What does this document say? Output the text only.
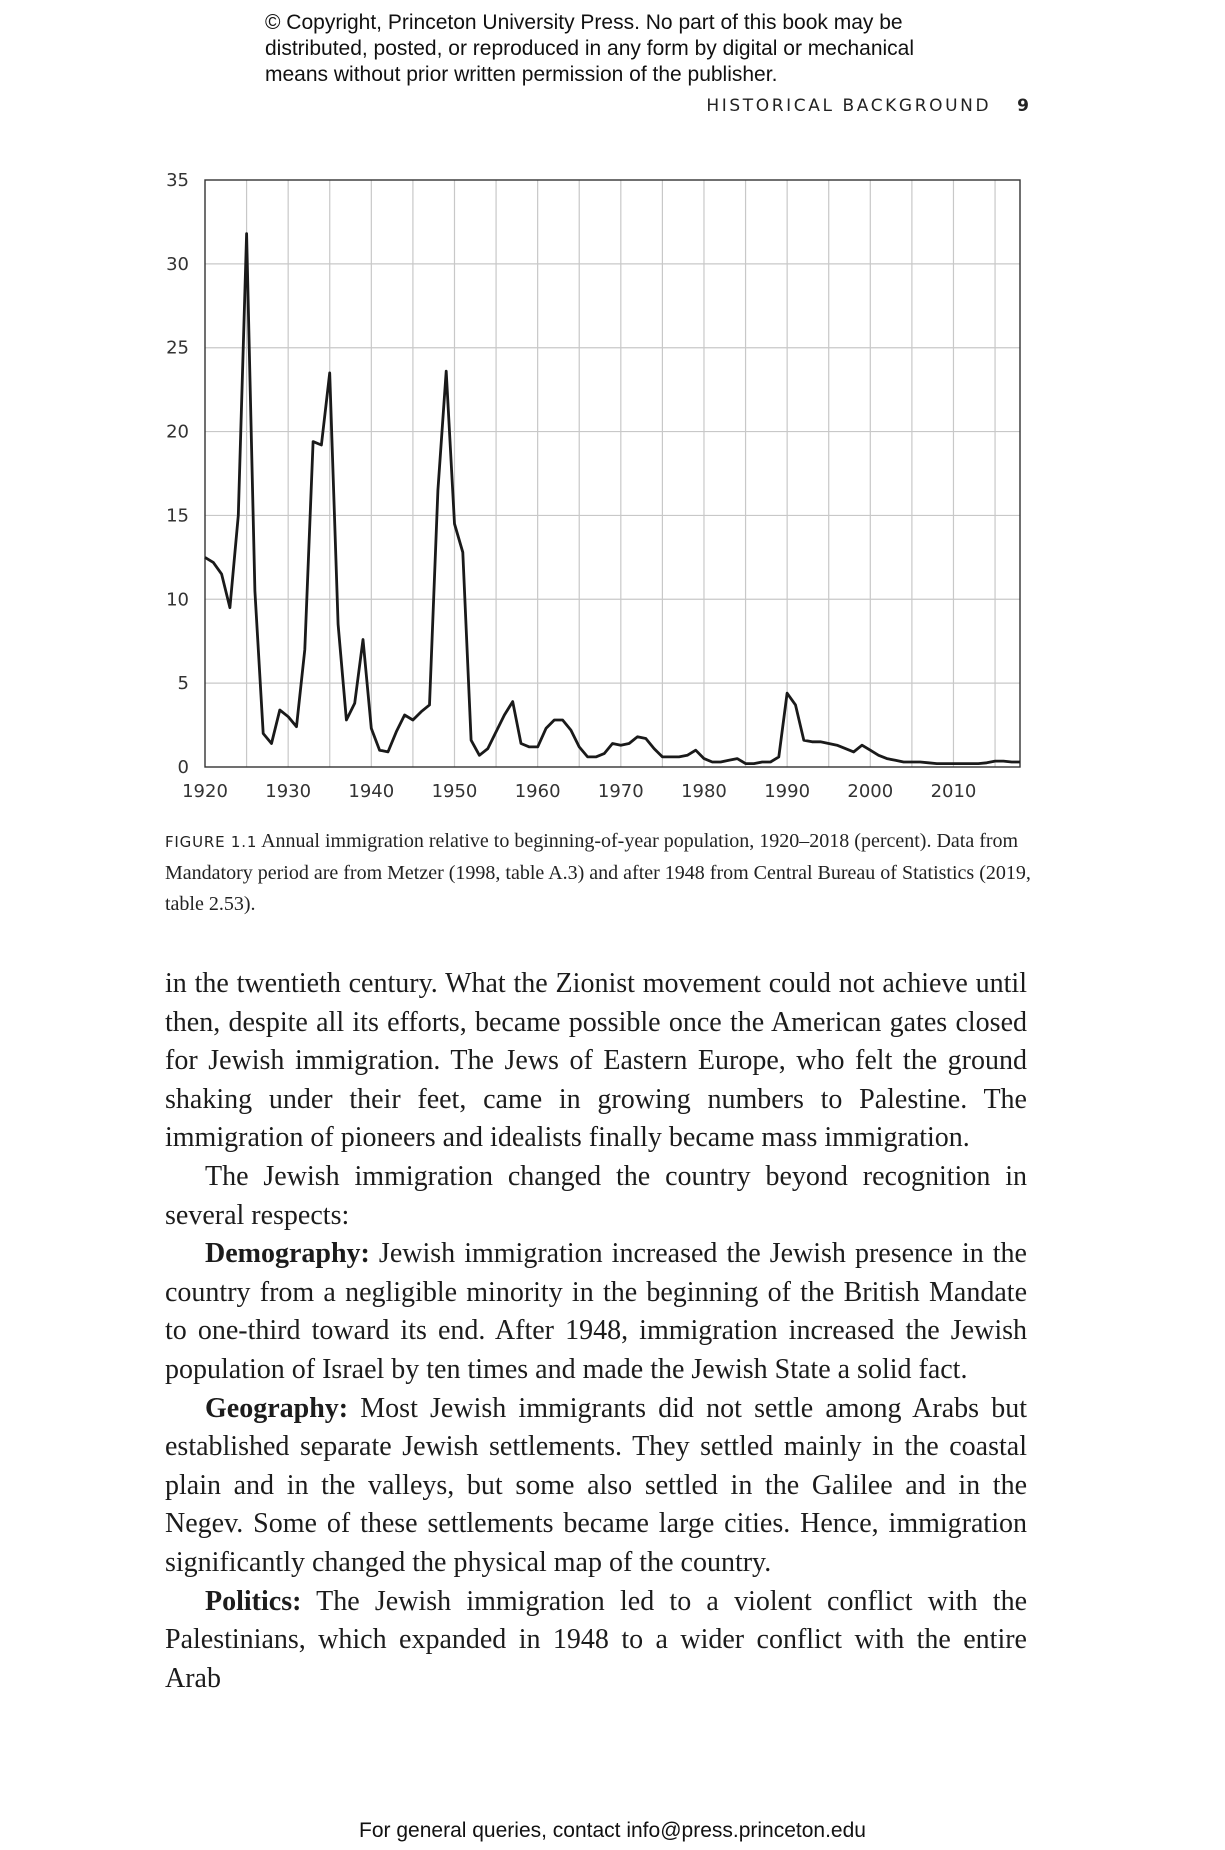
© Copyright, Princeton University Press. No part of this book may be
distributed, posted, or reproduced in any form by digital or mechanical
means without prior written permission of the publisher.
HISTORICAL BACKGROUND 9
0
5
10
15
20
25
30
35
1920 1930 1940 1950 1960 1970 1980 1990 2000 2010
FIGURE 1.1 Annual immigration relative to beginning-of-year population, 1920–2018 (percent). Data from Mandatory period are from Metzer (1998, table A.3) and after 1948 from Central Bureau of Statistics (2019, table 2.53).

in the twentieth century. What the Zionist movement could not achieve until then, despite all its efforts, became possible once the American gates closed for Jewish immigration. The Jews of Eastern Europe, who felt the ground shaking under their feet, came in growing numbers to Palestine. The immigration of pioneers and idealists finally became mass immigration.

The Jewish immigration changed the country beyond recognition in several respects:

Demography: Jewish immigration increased the Jewish presence in the country from a negligible minority in the beginning of the British Mandate to one-third toward its end. After 1948, immigration increased the Jewish population of Israel by ten times and made the Jewish State a solid fact.

Geography: Most Jewish immigrants did not settle among Arabs but established separate Jewish settlements. They settled mainly in the coastal plain and in the valleys, but some also settled in the Galilee and in the Negev. Some of these settlements became large cities. Hence, immigration significantly changed the physical map of the country.

Politics: The Jewish immigration led to a violent conflict with the Palestinians, which expanded in 1948 to a wider conflict with the entire Arab

For general queries, contact info@press.princeton.edu
